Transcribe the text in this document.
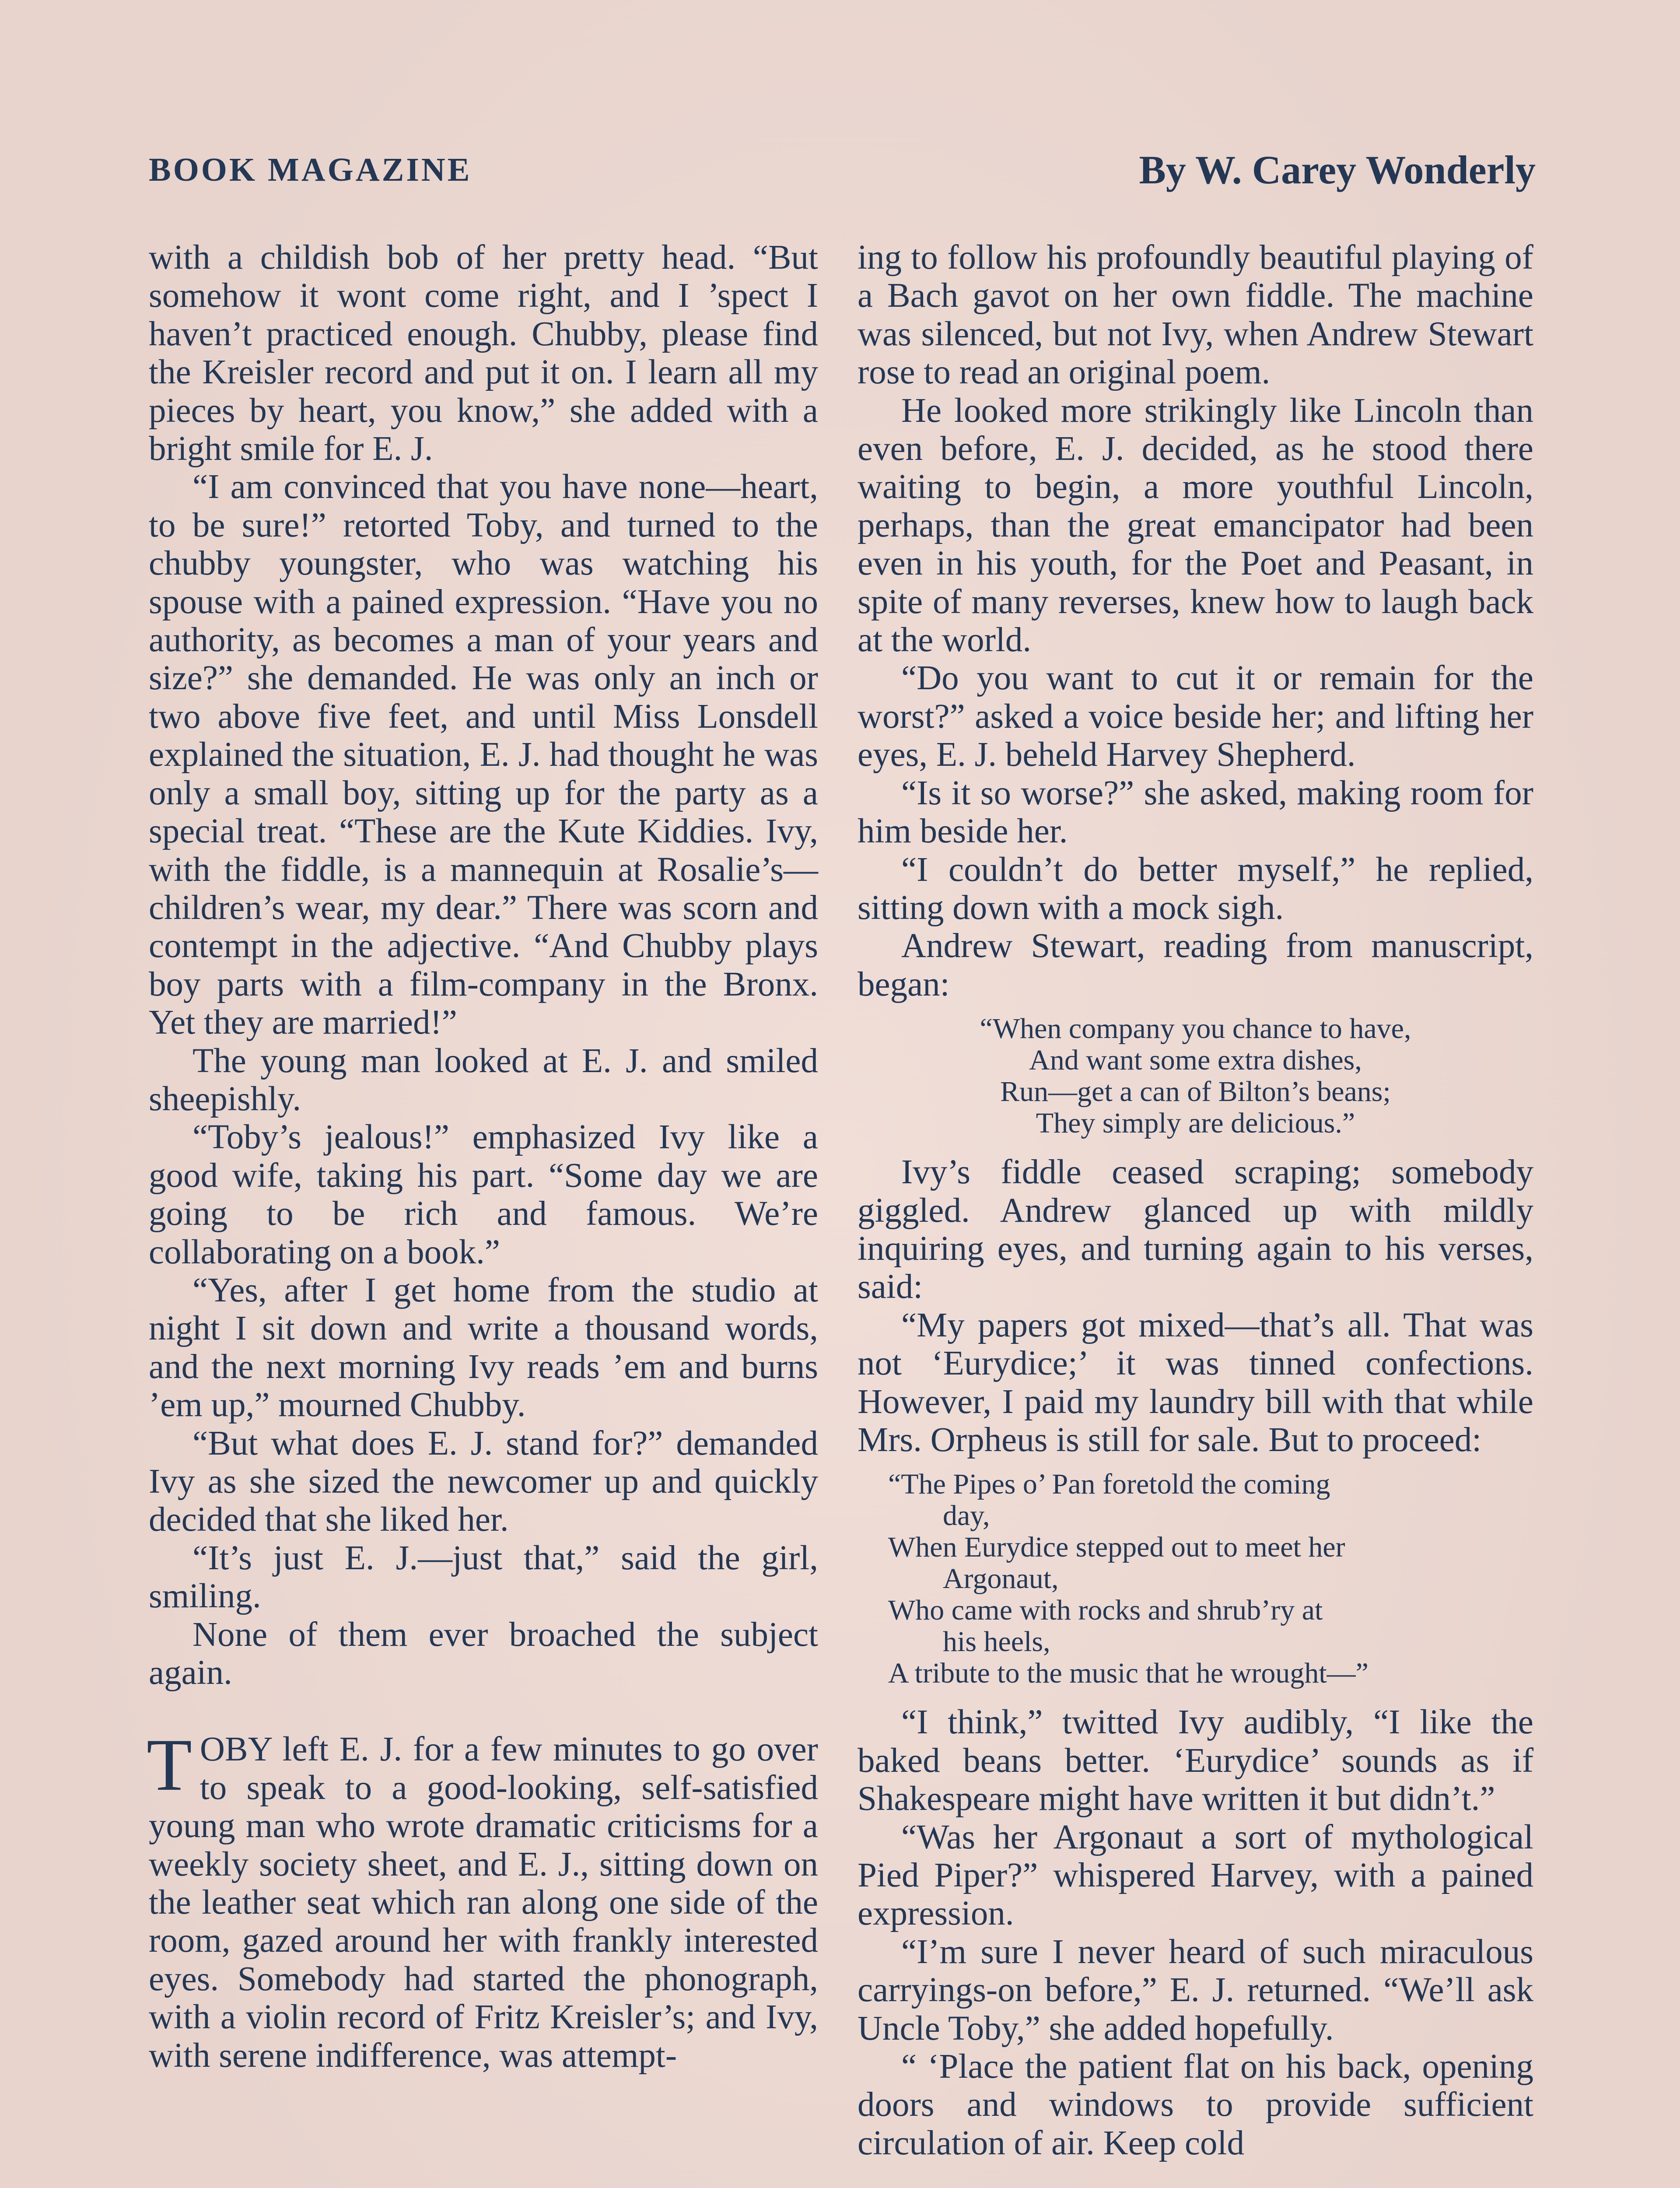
BOOK MAGAZINE	By W. Carey Wonderly

with a childish bob of her pretty head. “But somehow it wont come right, and I ’spect I haven’t practiced enough. Chubby, please find the Kreisler record and put it on. I learn all my pieces by heart, you know,” she added with a bright smile for E. J.

“I am convinced that you have none—heart, to be sure!” retorted Toby, and turned to the chubby youngster, who was watching his spouse with a pained expression. “Have you no authority, as becomes a man of your years and size?” she demanded. He was only an inch or two above five feet, and until Miss Lonsdell explained the situation, E. J. had thought he was only a small boy, sitting up for the party as a special treat. “These are the Kute Kiddies. Ivy, with the fiddle, is a mannequin at Rosalie’s—children’s wear, my dear.” There was scorn and contempt in the adjective. “And Chubby plays boy parts with a film-company in the Bronx. Yet they are married!”

The young man looked at E. J. and smiled sheepishly.

“Toby’s jealous!” emphasized Ivy like a good wife, taking his part. “Some day we are going to be rich and famous. We’re collaborating on a book.”

“Yes, after I get home from the studio at night I sit down and write a thousand words, and the next morning Ivy reads ’em and burns ’em up,” mourned Chubby.

“But what does E. J. stand for?” demanded Ivy as she sized the newcomer up and quickly decided that she liked her.

“It’s just E. J.—just that,” said the girl, smiling.

None of them ever broached the subject again.

TOBY left E. J. for a few minutes to go over to speak to a good-looking, self-satisfied young man who wrote dramatic criticisms for a weekly society sheet, and E. J., sitting down on the leather seat which ran along one side of the room, gazed around her with frankly interested eyes. Somebody had started the phonograph, with a violin record of Fritz Kreisler’s; and Ivy, with serene indifference, was attempt-

ing to follow his profoundly beautiful playing of a Bach gavot on her own fiddle. The machine was silenced, but not Ivy, when Andrew Stewart rose to read an original poem.

He looked more strikingly like Lincoln than even before, E. J. decided, as he stood there waiting to begin, a more youthful Lincoln, perhaps, than the great emancipator had been even in his youth, for the Poet and Peasant, in spite of many reverses, knew how to laugh back at the world.

“Do you want to cut it or remain for the worst?” asked a voice beside her; and lifting her eyes, E. J. beheld Harvey Shepherd.

“Is it so worse?” she asked, making room for him beside her.

“I couldn’t do better myself,” he replied, sitting down with a mock sigh.

Andrew Stewart, reading from manuscript, began:

“When company you chance to have,
And want some extra dishes,
Run—get a can of Bilton’s beans;
They simply are delicious.”

Ivy’s fiddle ceased scraping; somebody giggled. Andrew glanced up with mildly inquiring eyes, and turning again to his verses, said:

“My papers got mixed—that’s all. That was not ‘Eurydice;’ it was tinned confections. However, I paid my laundry bill with that while Mrs. Orpheus is still for sale. But to proceed:

“The Pipes o’ Pan foretold the coming
day,
When Eurydice stepped out to meet her
Argonaut,
Who came with rocks and shrub’ry at
his heels,
A tribute to the music that he wrought—”

“I think,” twitted Ivy audibly, “I like the baked beans better. ‘Eurydice’ sounds as if Shakespeare might have written it but didn’t.”

“Was her Argonaut a sort of mythological Pied Piper?” whispered Harvey, with a pained expression.

“I’m sure I never heard of such miraculous carryings-on before,” E. J. returned. “We’ll ask Uncle Toby,” she added hopefully.

“ ‘Place the patient flat on his back, opening doors and windows to provide sufficient circulation of air. Keep cold
